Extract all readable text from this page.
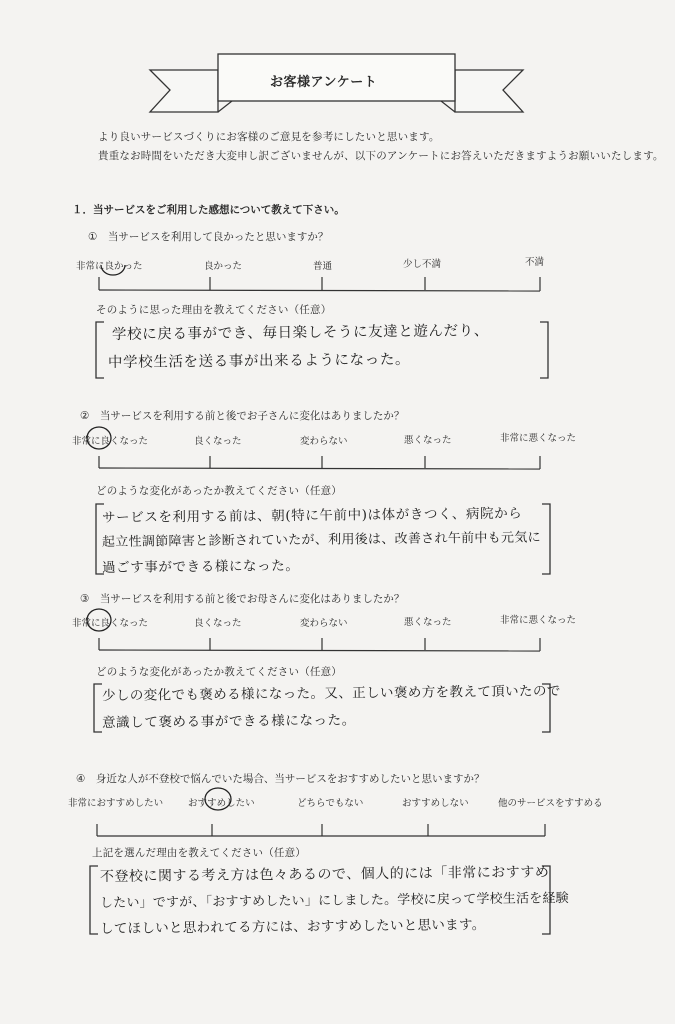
お客様アンケート
より良いサービスづくりにお客様のご意見を参考にしたいと思います。
貴重なお時間をいただき大変申し訳ございませんが、以下のアンケートにお答えいただきますようお願いいたします。
１．当サービスをご利用した感想について教えて下さい。
①　当サービスを利用して良かったと思いますか？
非常に良かった	良かった	普通	少し不満	不満
そのように思った理由を教えてください（任意）
学校に戻る事ができ、毎日楽しそうに友達と遊んだり、
中学校生活を送る事が出来るようになった。
②　当サービスを利用する前と後でお子さんに変化はありましたか？
非常に良くなった	良くなった	変わらない	悪くなった	非常に悪くなった
どのような変化があったか教えてください（任意）
サービスを利用する前は、朝(特に午前中)は体がきつく、病院から
起立性調節障害と診断されていたが、利用後は、改善され午前中も元気に
過ごす事ができる様になった。
③　当サービスを利用する前と後でお母さんに変化はありましたか？
非常に良くなった	良くなった	変わらない	悪くなった	非常に悪くなった
どのような変化があったか教えてください（任意）
少しの変化でも褒める様になった。又、正しい褒め方を教えて頂いたので
意識して褒める事ができる様になった。
④　身近な人が不登校で悩んでいた場合、当サービスをおすすめしたいと思いますか？
非常におすすめしたい	おすすめしたい	どちらでもない	おすすめしない	他のサービスをすすめる
上記を選んだ理由を教えてください（任意）
不登校に関する考え方は色々あるので、個人的には「非常におすすめ
したい」ですが、「おすすめしたい」にしました。学校に戻って学校生活を経験
してほしいと思われてる方には、おすすめしたいと思います。
